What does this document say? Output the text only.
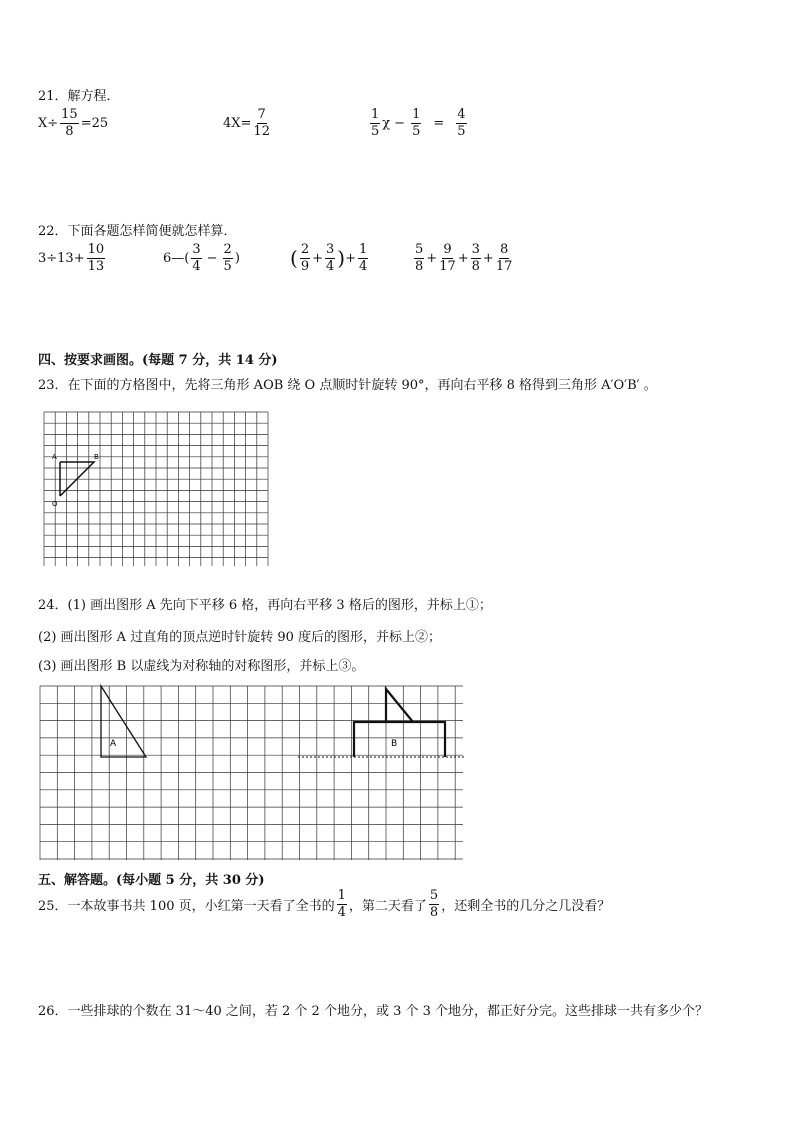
21．解方程．
$X\div \frac{15}{8} =25$	$4X= \frac{7}{12}$	$\frac{1}{5}$ $\chi - \frac{1}{5} = \frac{4}{5}$
22．下面各题怎样简便就怎样算．
$3\div 13+ \frac{10}{13}$	6—( $\frac{3}{4} - \frac{2}{5}$ )	( $\frac{2}{9} + \frac{3}{4}$ ) + $\frac{1}{4}$	$\frac{5}{8} + \frac{9}{17} + \frac{3}{8} + \frac{8}{17}$
四、按要求画图。(每题 7 分，共 14 分)
23．在下面的方格图中，先将三角形 AOB 绕 O 点顺时针旋转 90°，再向右平移 8 格得到三角形 A′O′B′ 。
A	B
O
24．(1) 画出图形 A 先向下平移 6 格，再向右平移 3 格后的图形，并标上①；
(2) 画出图形 A 过直角的顶点逆时针旋转 90 度后的图形，并标上②；
(3) 画出图形 B 以虚线为对称轴的对称图形，并标上③。
A	B
五、解答题。(每小题 5 分，共 30 分)
25．一本故事书共 100 页，小红第一天看了全书的 $\frac{1}{4}$ ，第二天看了 $\frac{5}{8}$ ，还剩全书的几分之几没看？
26．一些排球的个数在 31～40 之间，若 2 个 2 个地分，或 3 个 3 个地分，都正好分完。这些排球一共有多少个？
